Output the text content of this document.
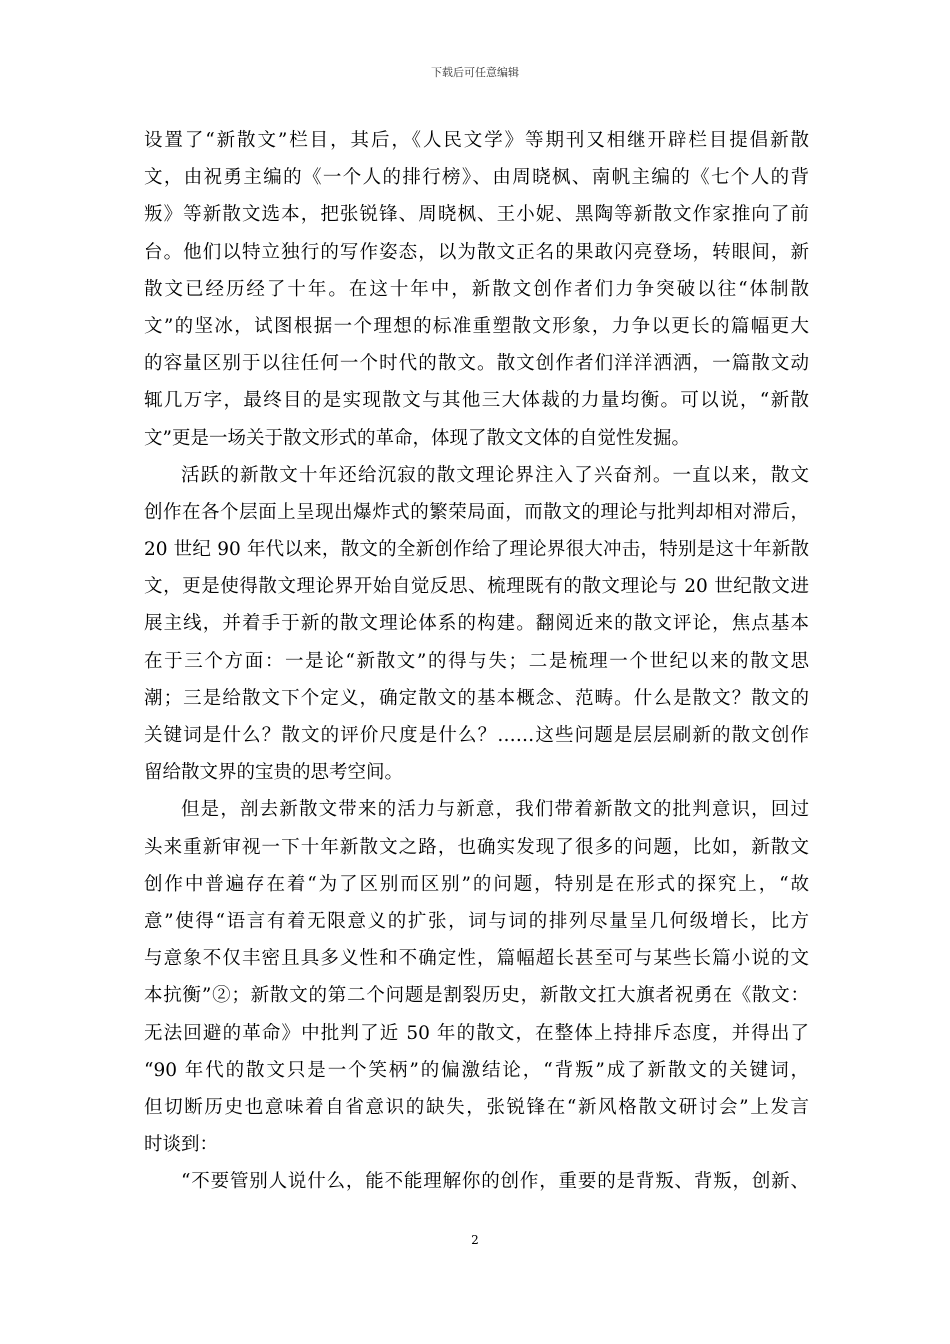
下载后可任意编辑
设置了“新散文”栏目，其后，《人民文学》等期刊又相继开辟栏目提倡新散
文，由祝勇主编的《一个人的排行榜》、由周晓枫、南帆主编的《七个人的背
叛》等新散文选本，把张锐锋、周晓枫、王小妮、黑陶等新散文作家推向了前
台。他们以特立独行的写作姿态，以为散文正名的果敢闪亮登场，转眼间，新
散文已经历经了十年。在这十年中，新散文创作者们力争突破以往“体制散
文”的坚冰，试图根据一个理想的标准重塑散文形象，力争以更长的篇幅更大
的容量区别于以往任何一个时代的散文。散文创作者们洋洋洒洒，一篇散文动
辄几万字，最终目的是实现散文与其他三大体裁的力量均衡。可以说，“新散
文”更是一场关于散文形式的革命，体现了散文文体的自觉性发掘。
活跃的新散文十年还给沉寂的散文理论界注入了兴奋剂。一直以来，散文
创作在各个层面上呈现出爆炸式的繁荣局面，而散文的理论与批判却相对滞后，
20 世纪 90 年代以来，散文的全新创作给了理论界很大冲击，特别是这十年新散
文，更是使得散文理论界开始自觉反思、梳理既有的散文理论与 20 世纪散文进
展主线，并着手于新的散文理论体系的构建。翻阅近来的散文评论，焦点基本
在于三个方面：一是论“新散文”的得与失；二是梳理一个世纪以来的散文思
潮；三是给散文下个定义，确定散文的基本概念、范畴。什么是散文？散文的
关键词是什么？散文的评价尺度是什么？……这些问题是层层刷新的散文创作
留给散文界的宝贵的思考空间。
但是，剖去新散文带来的活力与新意，我们带着新散文的批判意识，回过
头来重新审视一下十年新散文之路，也确实发现了很多的问题，比如，新散文
创作中普遍存在着“为了区别而区别”的问题，特别是在形式的探究上，“故
意”使得“语言有着无限意义的扩张，词与词的排列尽量呈几何级增长，比方
与意象不仅丰密且具多义性和不确定性，篇幅超长甚至可与某些长篇小说的文
本抗衡”②；新散文的第二个问题是割裂历史，新散文扛大旗者祝勇在《散文：
无法回避的革命》中批判了近 50 年的散文，在整体上持排斥态度，并得出了
“90 年代的散文只是一个笑柄”的偏激结论，“背叛”成了新散文的关键词，
但切断历史也意味着自省意识的缺失，张锐锋在“新风格散文研讨会”上发言
时谈到：
“不要管别人说什么，能不能理解你的创作，重要的是背叛、背叛，创新、
2
